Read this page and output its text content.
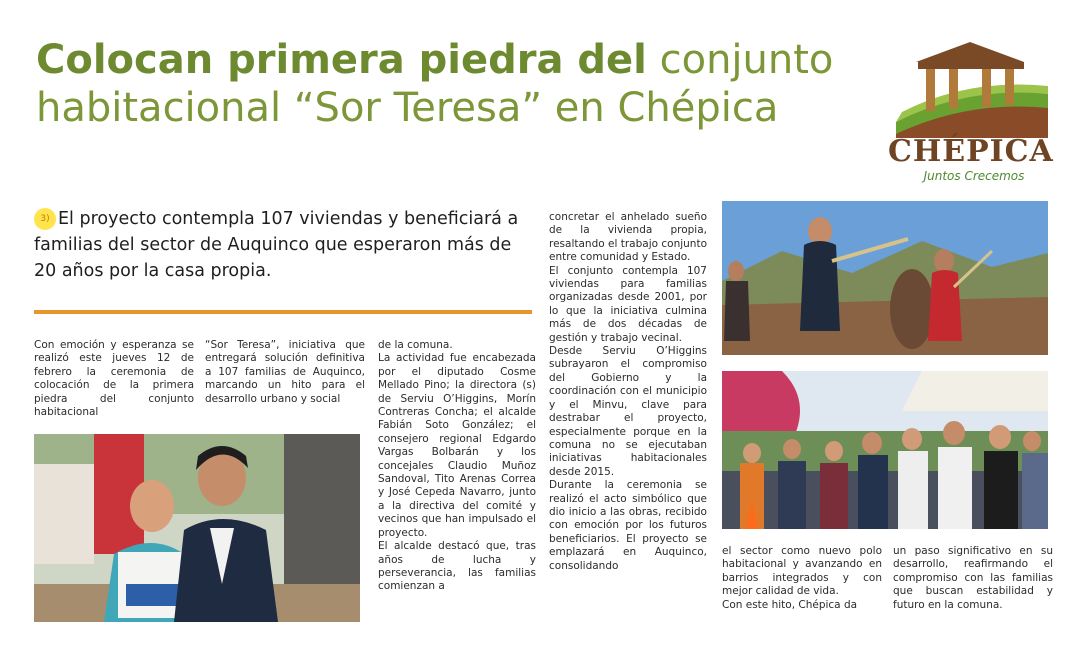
Colocan primera piedra del conjunto
habitacional “Sor Teresa” en Chépica
CHÉPICA
Juntos Crecemos
3) El proyecto contempla 107 viviendas y beneficiará a familias del sector de Auquinco que esperaron más de 20 años por la casa propia.

Con emoción y esperanza se realizó este jueves 12 de febrero la ceremonia de colocación de la primera piedra del conjunto habitacional

“Sor Teresa”, iniciativa que entregará solución definitiva a 107 familias de Auquinco, marcando un hito para el desarrollo urbano y social

de la comuna.

La actividad fue encabezada por el diputado Cosme Mellado Pino; la directora (s) de Serviu O’Higgins, Morín Contreras Concha; el alcalde Fabián Soto González; el consejero regional Edgardo Vargas Bolbarán y los concejales Claudio Muñoz Sandoval, Tito Arenas Correa y José Cepeda Navarro, junto a la directiva del comité y vecinos que han impulsado el proyecto.

El alcalde destacó que, tras años de lucha y perseverancia, las familias comienzan a

concretar el anhelado sueño de la vivienda propia, resaltando el trabajo conjunto entre comunidad y Estado.

El conjunto contempla 107 viviendas para familias organizadas desde 2001, por lo que la iniciativa culmina más de dos décadas de gestión y trabajo vecinal.

Desde Serviu O’Higgins subrayaron el compromiso del Gobierno y la coordinación con el municipio y el Minvu, clave para destrabar el proyecto, especialmente porque en la comuna no se ejecutaban iniciativas habitacionales desde 2015.

Durante la ceremonia se realizó el acto simbólico que dio inicio a las obras, recibido con emoción por los futuros beneficiarios. El proyecto se emplazará en Auquinco, consolidando

el sector como nuevo polo habitacional y avanzando en barrios integrados y con mejor calidad de vida.

Con este hito, Chépica da

un paso significativo en su desarrollo, reafirmando el compromiso con las familias que buscan estabilidad y futuro en la comuna.
